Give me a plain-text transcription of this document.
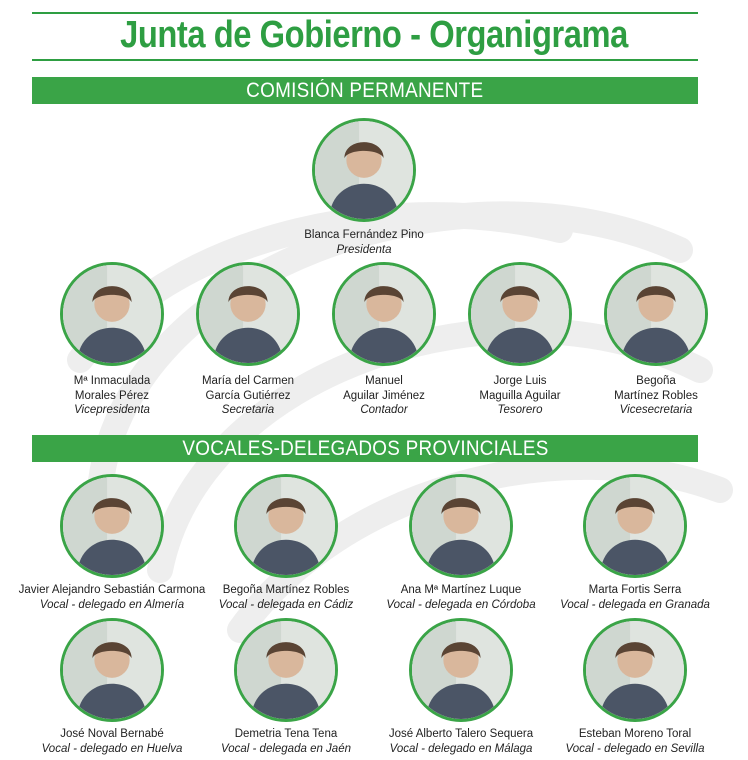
Junta de Gobierno - Organigrama
COMISIÓN PERMANENTE
Blanca Fernández Pino
Presidenta
Mª Inmaculada
Morales Pérez
Vicepresidenta
María del Carmen
García Gutiérrez
Secretaria
Manuel
Aguilar Jiménez
Contador
Jorge Luis
Maguilla Aguilar
Tesorero
Begoña
Martínez Robles
Vicesecretaria
VOCALES-DELEGADOS PROVINCIALES
Javier Alejandro Sebastián Carmona
Vocal - delegado en Almería
Begoña Martínez Robles
Vocal - delegada en Cádiz
Ana Mª Martínez Luque
Vocal - delegada en Córdoba
Marta Fortis Serra
Vocal - delegada en Granada
José Noval Bernabé
Vocal - delegado en Huelva
Demetria Tena Tena
Vocal - delegada en Jaén
José Alberto Talero Sequera
Vocal - delegado en Málaga
Esteban Moreno Toral
Vocal - delegado en Sevilla
